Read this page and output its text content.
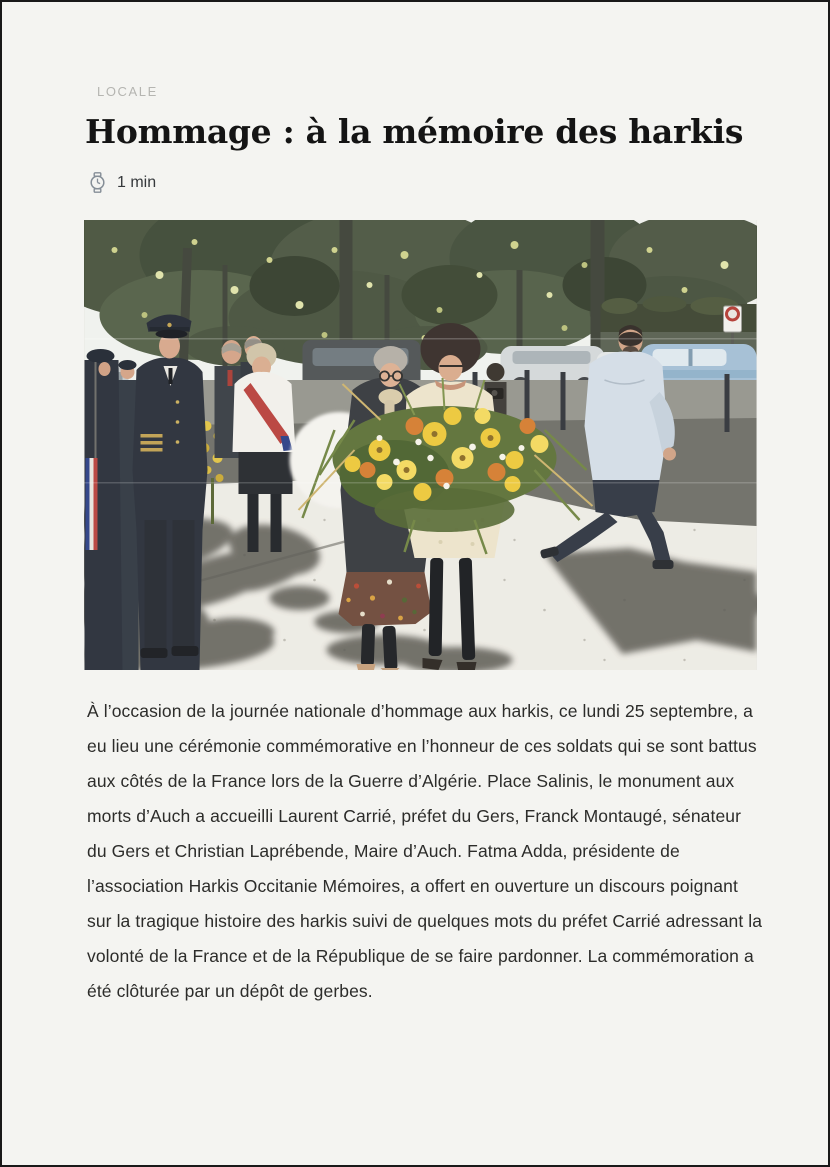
LOCALE
Hommage : à la mémoire des harkis
1 min

À l’occasion de la journée nationale d’hommage aux harkis, ce lundi 25 septembre, a eu lieu une cérémonie commémorative en l’honneur de ces soldats qui se sont battus aux côtés de la France lors de la Guerre d’Algérie. Place Salinis, le monument aux morts d’Auch a accueilli Laurent Carrié, préfet du Gers, Franck Montaugé, sénateur du Gers et Christian Laprébende, Maire d’Auch. Fatma Adda, présidente de l’association Harkis Occitanie Mémoires, a offert en ouverture un discours poignant sur la tragique histoire des harkis suivi de quelques mots du préfet Carrié adressant la volonté de la France et de la République de se faire pardonner. La commémoration a été clôturée par un dépôt de gerbes.
